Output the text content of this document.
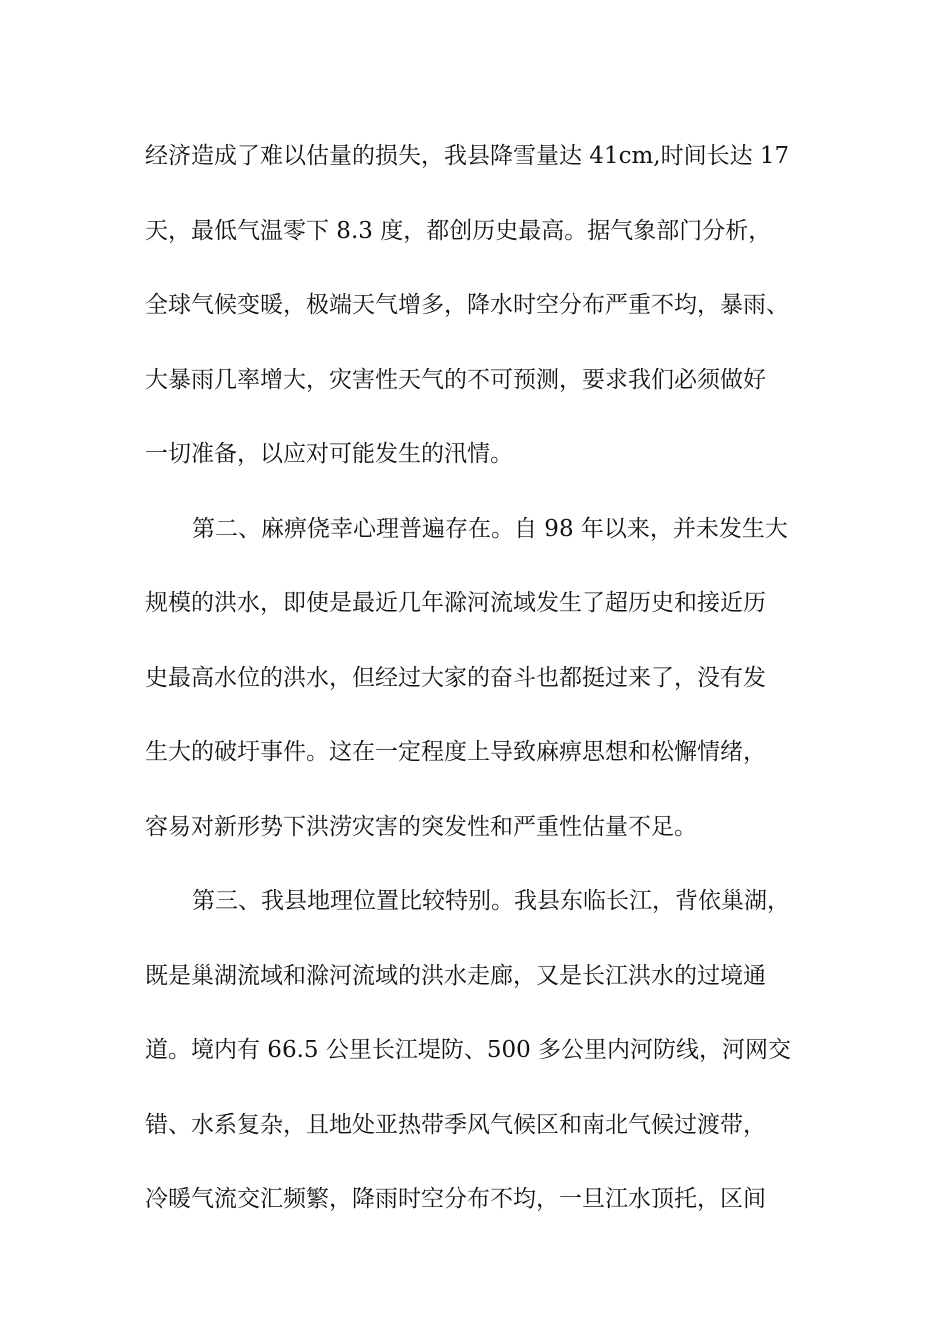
经济造成了难以估量的损失，我县降雪量达 41cm,时间长达 17
天，最低气温零下 8.3 度，都创历史最高。据气象部门分析，
全球气候变暖，极端天气增多，降水时空分布严重不均，暴雨、
大暴雨几率增大，灾害性天气的不可预测，要求我们必须做好
一切准备，以应对可能发生的汛情。
第二、麻痹侥幸心理普遍存在。自 98 年以来，并未发生大
规模的洪水，即使是最近几年滁河流域发生了超历史和接近历
史最高水位的洪水，但经过大家的奋斗也都挺过来了，没有发
生大的破圩事件。这在一定程度上导致麻痹思想和松懈情绪，
容易对新形势下洪涝灾害的突发性和严重性估量不足。
第三、我县地理位置比较特别。我县东临长江，背依巢湖，
既是巢湖流域和滁河流域的洪水走廊，又是长江洪水的过境通
道。境内有 66.5 公里长江堤防、500 多公里内河防线，河网交
错、水系复杂，且地处亚热带季风气候区和南北气候过渡带，
冷暖气流交汇频繁，降雨时空分布不均，一旦江水顶托，区间
